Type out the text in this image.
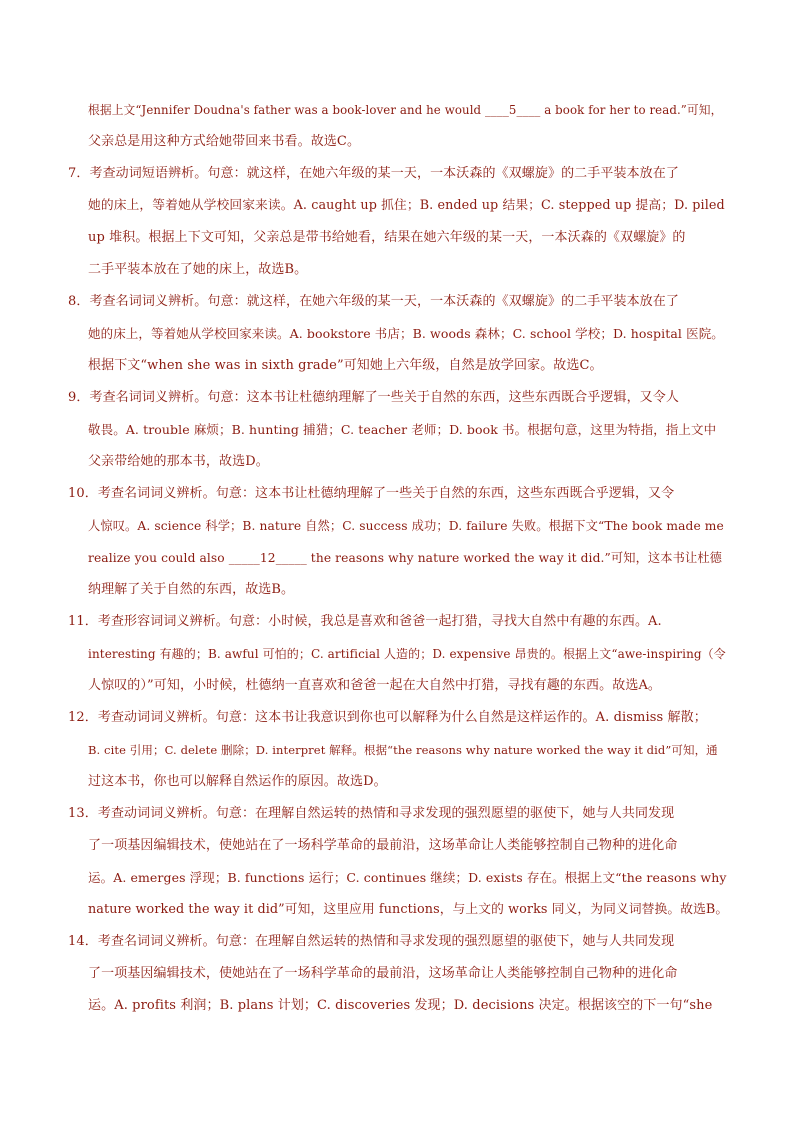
根据上文“Jennifer Doudna's father was a book-lover and he would ____5____ a book for her to read.”可知，
父亲总是用这种方式给她带回来书看。故选C。
7．考查动词短语辨析。句意：就这样，在她六年级的某一天，一本沃森的《双螺旋》的二手平装本放在了
她的床上，等着她从学校回家来读。A. caught up 抓住；B. ended up 结果；C. stepped up 提高；D. piled
up 堆积。根据上下文可知，父亲总是带书给她看，结果在她六年级的某一天，一本沃森的《双螺旋》的
二手平装本放在了她的床上，故选B。
8．考查名词词义辨析。句意：就这样，在她六年级的某一天，一本沃森的《双螺旋》的二手平装本放在了
她的床上，等着她从学校回家来读。A. bookstore 书店；B. woods 森林；C. school 学校；D. hospital 医院。
根据下文“when she was in sixth grade”可知她上六年级，自然是放学回家。故选C。
9．考查名词词义辨析。句意：这本书让杜德纳理解了一些关于自然的东西，这些东西既合乎逻辑，又令人
敬畏。A. trouble 麻烦；B. hunting 捕猎；C. teacher 老师；D. book 书。根据句意，这里为特指，指上文中
父亲带给她的那本书，故选D。
10．考查名词词义辨析。句意：这本书让杜德纳理解了一些关于自然的东西，这些东西既合乎逻辑，又令
人惊叹。A. science 科学；B. nature 自然；C. success 成功；D. failure 失败。根据下文“The book made me
realize you could also _____12_____ the reasons why nature worked the way it did.”可知，这本书让杜德
纳理解了关于自然的东西，故选B。
11．考查形容词词义辨析。句意：小时候，我总是喜欢和爸爸一起打猎，寻找大自然中有趣的东西。A.
interesting 有趣的；B. awful 可怕的；C. artificial 人造的；D. expensive 昂贵的。根据上文“awe-inspiring（令
人惊叹的）”可知，小时候，杜德纳一直喜欢和爸爸一起在大自然中打猎，寻找有趣的东西。故选A。
12．考查动词词义辨析。句意：这本书让我意识到你也可以解释为什么自然是这样运作的。A. dismiss 解散；
B. cite 引用；C. delete 删除；D. interpret 解释。根据“the reasons why nature worked the way it did”可知，通
过这本书，你也可以解释自然运作的原因。故选D。
13．考查动词词义辨析。句意：在理解自然运转的热情和寻求发现的强烈愿望的驱使下，她与人共同发现
了一项基因编辑技术，使她站在了一场科学革命的最前沿，这场革命让人类能够控制自己物种的进化命
运。A. emerges 浮现；B. functions 运行；C. continues 继续；D. exists 存在。根据上文“the reasons why
nature worked the way it did”可知，这里应用 functions，与上文的 works 同义，为同义词替换。故选B。
14．考查名词词义辨析。句意：在理解自然运转的热情和寻求发现的强烈愿望的驱使下，她与人共同发现
了一项基因编辑技术，使她站在了一场科学革命的最前沿，这场革命让人类能够控制自己物种的进化命
运。A. profits 利润；B. plans 计划；C. discoveries 发现；D. decisions 决定。根据该空的下一句“she
